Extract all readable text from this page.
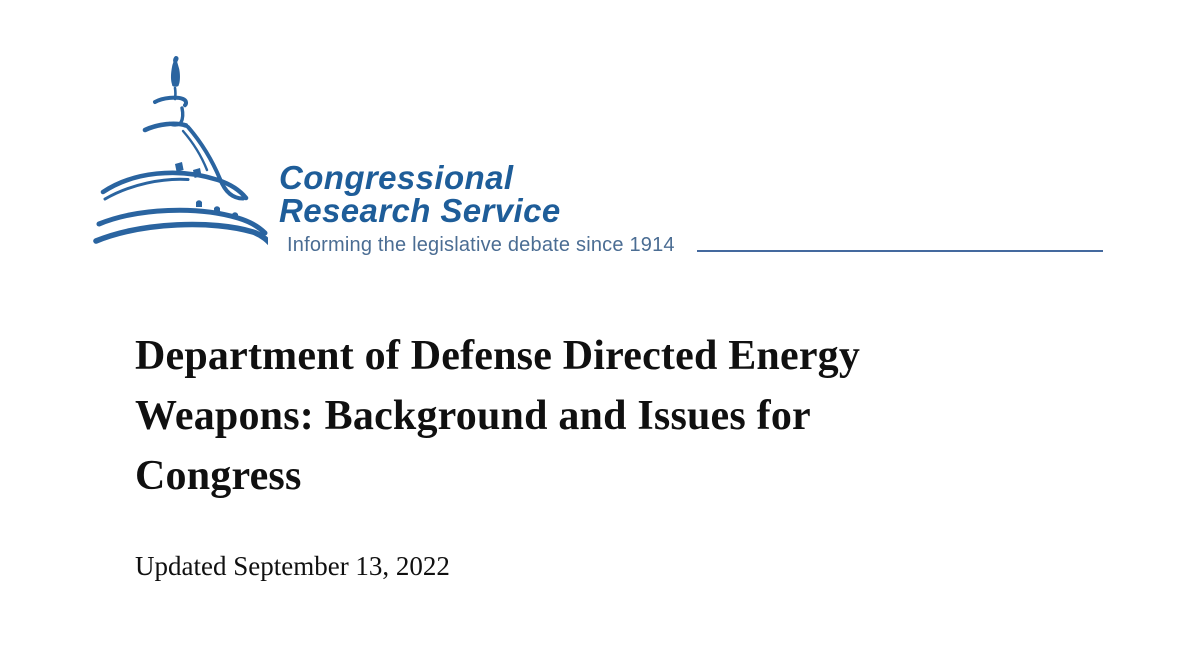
Congressional
Research Service
Informing the legislative debate since 1914
Department of Defense Directed Energy
Weapons: Background and Issues for
Congress
Updated September 13, 2022
